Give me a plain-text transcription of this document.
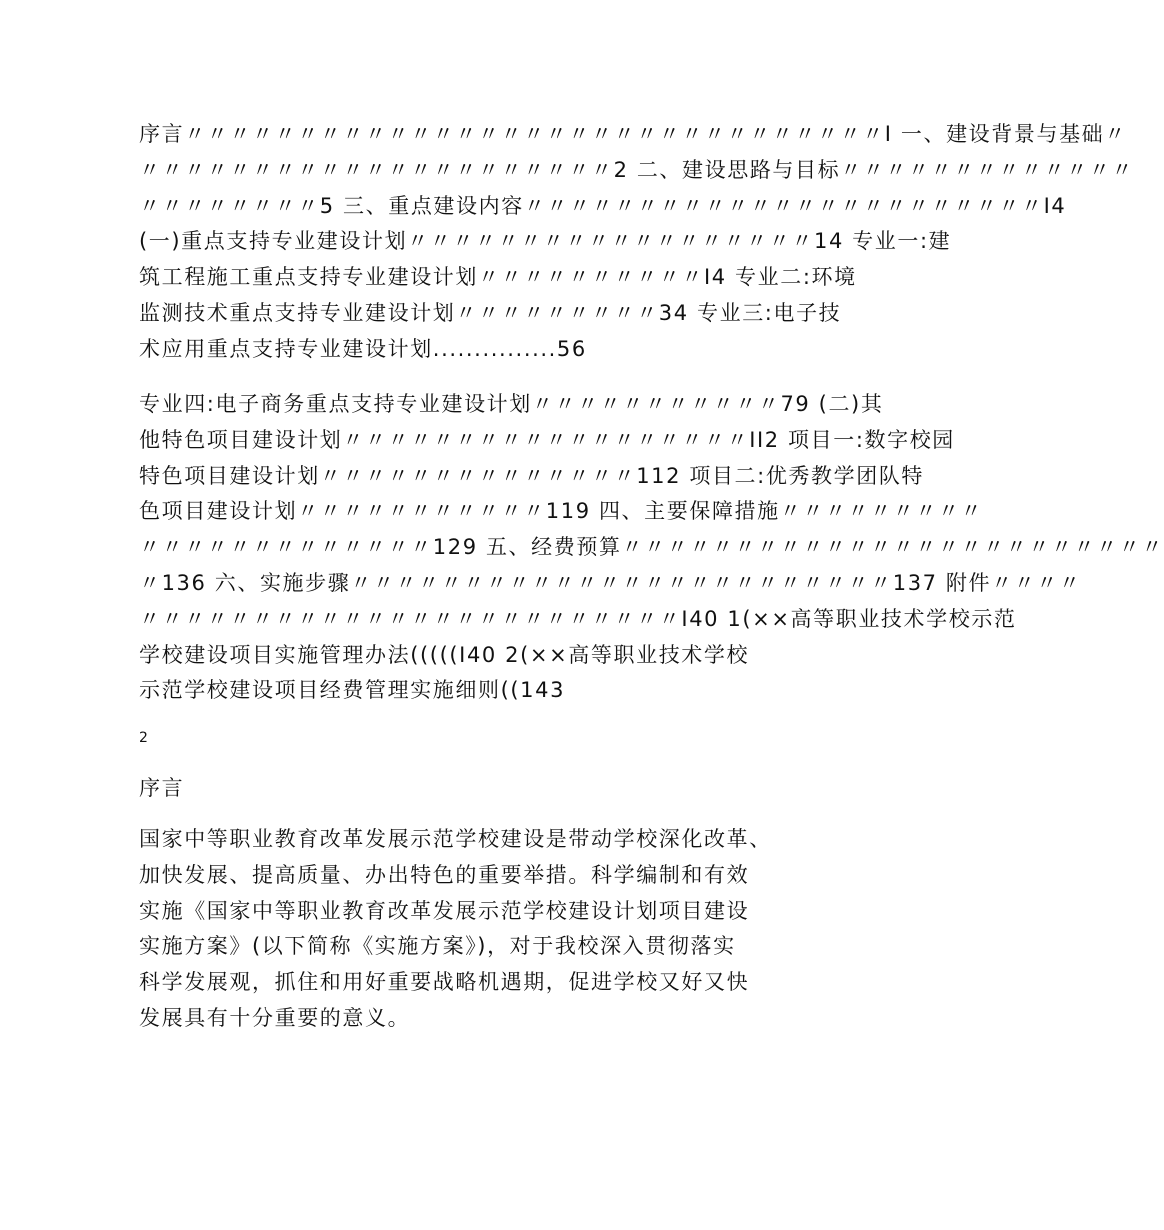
序言〃〃〃〃〃〃〃〃〃〃〃〃〃〃〃〃〃〃〃〃〃〃〃〃〃〃〃〃〃〃〃Ⅰ 一、建设背景与基础〃
〃〃〃〃〃〃〃〃〃〃〃〃〃〃〃〃〃〃〃〃〃2 二、建设思路与目标〃〃〃〃〃〃〃〃〃〃〃〃〃
〃〃〃〃〃〃〃〃5 三、重点建设内容〃〃〃〃〃〃〃〃〃〃〃〃〃〃〃〃〃〃〃〃〃〃〃Ⅰ4
(一)重点支持专业建设计划〃〃〃〃〃〃〃〃〃〃〃〃〃〃〃〃〃〃14 专业一:建
筑工程施工重点支持专业建设计划〃〃〃〃〃〃〃〃〃〃Ⅰ4 专业二:环境
监测技术重点支持专业建设计划〃〃〃〃〃〃〃〃〃34 专业三:电子技
术应用重点支持专业建设计划...............56
专业四:电子商务重点支持专业建设计划〃〃〃〃〃〃〃〃〃〃〃79 (二)其
他特色项目建设计划〃〃〃〃〃〃〃〃〃〃〃〃〃〃〃〃〃〃ⅠI2 项目一:数字校园
特色项目建设计划〃〃〃〃〃〃〃〃〃〃〃〃〃〃112 项目二:优秀教学团队特
色项目建设计划〃〃〃〃〃〃〃〃〃〃〃119 四、主要保障措施〃〃〃〃〃〃〃〃〃
〃〃〃〃〃〃〃〃〃〃〃〃〃129 五、经费预算〃〃〃〃〃〃〃〃〃〃〃〃〃〃〃〃〃〃〃〃〃〃〃〃
〃136 六、实施步骤〃〃〃〃〃〃〃〃〃〃〃〃〃〃〃〃〃〃〃〃〃〃〃〃137 附件〃〃〃〃
〃〃〃〃〃〃〃〃〃〃〃〃〃〃〃〃〃〃〃〃〃〃〃〃Ⅰ40 1(××高等职业技术学校示范
学校建设项目实施管理办法(((((Ⅰ40 2(××高等职业技术学校
示范学校建设项目经费管理实施细则((143
2
序言
国家中等职业教育改革发展示范学校建设是带动学校深化改革、
加快发展、提高质量、办出特色的重要举措。科学编制和有效
实施《国家中等职业教育改革发展示范学校建设计划项目建设
实施方案》(以下简称《实施方案》)，对于我校深入贯彻落实
科学发展观，抓住和用好重要战略机遇期，促进学校又好又快
发展具有十分重要的意义。
